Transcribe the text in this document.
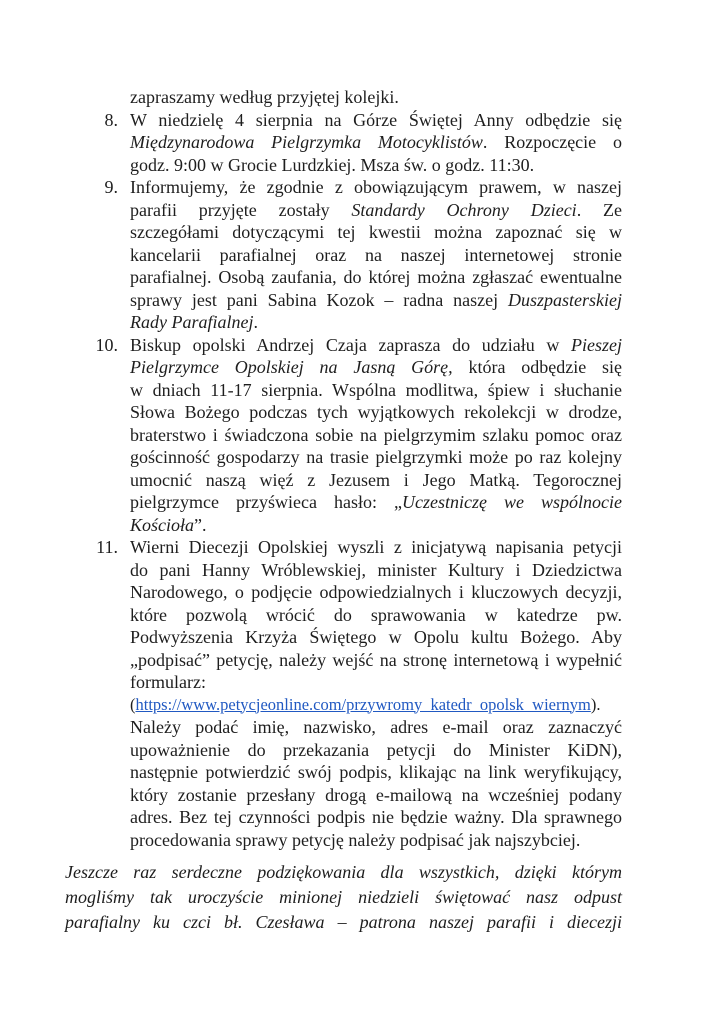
zapraszamy według przyjętej kolejki.
8. W niedzielę 4 sierpnia na Górze Świętej Anny odbędzie się
Międzynarodowa Pielgrzymka Motocyklistów. Rozpoczęcie o
godz. 9:00 w Grocie Lurdzkiej. Msza św. o godz. 11:30.
9. Informujemy, że zgodnie z obowiązującym prawem, w naszej
parafii przyjęte zostały Standardy Ochrony Dzieci. Ze
szczegółami dotyczącymi tej kwestii można zapoznać się w
kancelarii parafialnej oraz na naszej internetowej stronie
parafialnej. Osobą zaufania, do której można zgłaszać ewentualne
sprawy jest pani Sabina Kozok – radna naszej Duszpasterskiej
Rady Parafialnej.
10. Biskup opolski Andrzej Czaja zaprasza do udziału w Pieszej
Pielgrzymce Opolskiej na Jasną Górę, która odbędzie się
w dniach 11-17 sierpnia. Wspólna modlitwa, śpiew i słuchanie
Słowa Bożego podczas tych wyjątkowych rekolekcji w drodze,
braterstwo i świadczona sobie na pielgrzymim szlaku pomoc oraz
gościnność gospodarzy na trasie pielgrzymki może po raz kolejny
umocnić naszą więź z Jezusem i Jego Matką. Tegorocznej
pielgrzymce przyświeca hasło: „Uczestniczę we wspólnocie
Kościoła”.
11. Wierni Diecezji Opolskiej wyszli z inicjatywą napisania petycji
do pani Hanny Wróblewskiej, minister Kultury i Dziedzictwa
Narodowego, o podjęcie odpowiedzialnych i kluczowych decyzji,
które pozwolą wrócić do sprawowania w katedrze pw.
Podwyższenia Krzyża Świętego w Opolu kultu Bożego. Aby
„podpisać” petycję, należy wejść na stronę internetową i wypełnić
formularz:
(https://www.petycjeonline.com/przywromy_katedr_opolsk_wiernym).
Należy podać imię, nazwisko, adres e-mail oraz zaznaczyć
upoważnienie do przekazania petycji do Minister KiDN),
następnie potwierdzić swój podpis, klikając na link weryfikujący,
który zostanie przesłany drogą e-mailową na wcześniej podany
adres. Bez tej czynności podpis nie będzie ważny. Dla sprawnego
procedowania sprawy petycję należy podpisać jak najszybciej.
Jeszcze raz serdeczne podziękowania dla wszystkich, dzięki którym
mogliśmy tak uroczyście minionej niedzieli świętować nasz odpust
parafialny ku czci bł. Czesława – patrona naszej parafii i diecezji
